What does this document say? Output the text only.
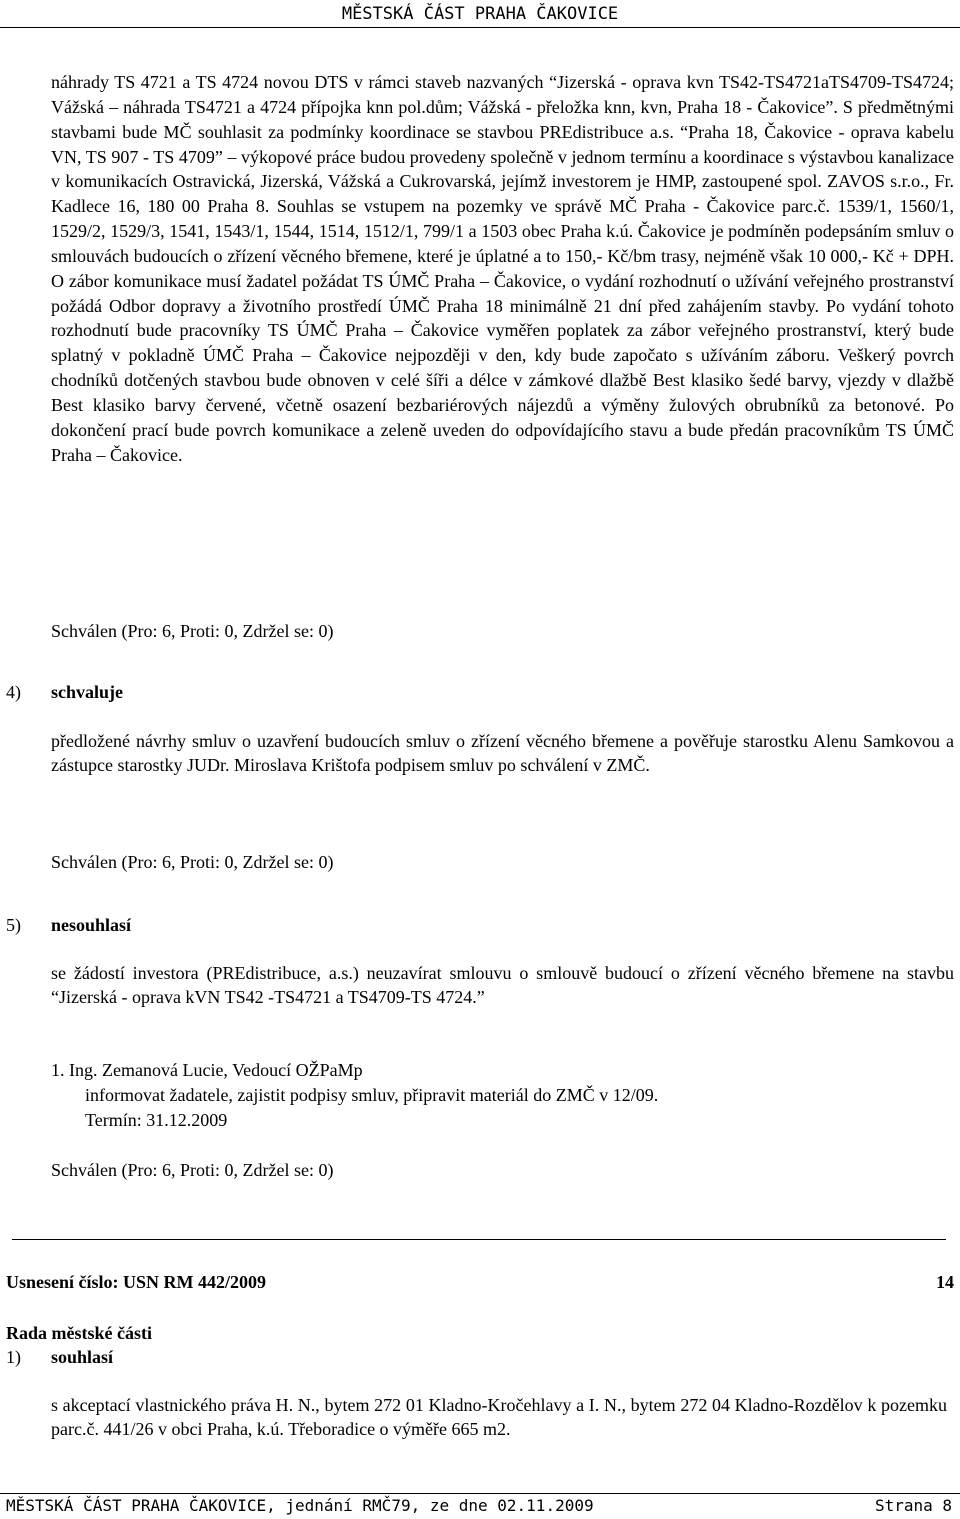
MĚSTSKÁ ČÁST PRAHA ČAKOVICE

náhrady TS 4721 a TS 4724 novou DTS v rámci staveb nazvaných “Jizerská - oprava kvn TS42-TS4721aTS4709-TS4724; Vážská – náhrada TS4721 a 4724 přípojka knn pol.dům; Vážská - přeložka knn, kvn, Praha 18 - Čakovice”. S předmětnými stavbami bude MČ souhlasit za podmínky koordinace se stavbou PREdistribuce a.s. “Praha 18, Čakovice - oprava kabelu VN, TS 907 - TS 4709” – výkopové práce budou provedeny společně v jednom termínu a koordinace s výstavbou kanalizace v komunikacích Ostravická, Jizerská, Vážská a Cukrovarská, jejímž investorem je HMP, zastoupené spol. ZAVOS s.r.o., Fr. Kadlece 16, 180 00 Praha 8. Souhlas se vstupem na pozemky ve správě MČ Praha - Čakovice parc.č. 1539/1, 1560/1, 1529/2, 1529/3, 1541, 1543/1, 1544, 1514, 1512/1, 799/1 a 1503 obec Praha k.ú. Čakovice je podmíněn podepsáním smluv o smlouvách budoucích o zřízení věcného břemene, které je úplatné a to 150,- Kč/bm trasy, nejméně však 10 000,- Kč + DPH. O zábor komunikace musí žadatel požádat TS ÚMČ Praha – Čakovice, o vydání rozhodnutí o užívání veřejného prostranství požádá Odbor dopravy a životního prostředí ÚMČ Praha 18 minimálně 21 dní před zahájením stavby. Po vydání tohoto rozhodnutí bude pracovníky TS ÚMČ Praha – Čakovice vyměřen poplatek za zábor veřejného prostranství, který bude splatný v pokladně ÚMČ Praha – Čakovice nejpozději v den, kdy bude započato s užíváním záboru. Veškerý povrch chodníků dotčených stavbou bude obnoven v celé šíři a délce v zámkové dlažbě Best klasiko šedé barvy, vjezdy v dlažbě Best klasiko barvy červené, včetně osazení bezbariérových nájezdů a výměny žulových obrubníků za betonové. Po dokončení prací bude povrch komunikace a zeleně uveden do odpovídajícího stavu a bude předán pracovníkům TS ÚMČ Praha – Čakovice.

Schválen (Pro: 6, Proti: 0, Zdržel se: 0)

4) schvaluje

předložené návrhy smluv o uzavření budoucích smluv o zřízení věcného břemene a pověřuje starostku Alenu Samkovou a zástupce starostky JUDr. Miroslava Krištofa podpisem smluv po schválení v ZMČ.

Schválen (Pro: 6, Proti: 0, Zdržel se: 0)

5) nesouhlasí

se žádostí investora (PREdistribuce, a.s.) neuzavírat smlouvu o smlouvě budoucí o zřízení věcného břemene na stavbu “Jizerská - oprava kVN TS42 -TS4721 a TS4709-TS 4724.”

1. Ing. Zemanová Lucie, Vedoucí OŽPaMp

informovat žadatele, zajistit podpisy smluv, připravit materiál do ZMČ v 12/09.

Termín: 31.12.2009

Schválen (Pro: 6, Proti: 0, Zdržel se: 0)

Usnesení číslo: USN RM 442/2009	14
Rada městské části
1) souhlasí

s akceptací vlastnického práva H. N., bytem 272 01 Kladno-Kročehlavy a I. N., bytem 272 04 Kladno-Rozdělov k pozemku parc.č. 441/26 v obci Praha, k.ú. Třeboradice o výměře 665 m2.

MĚSTSKÁ ČÁST PRAHA ČAKOVICE, jednání RMČ79, ze dne 02.11.2009	Strana 8
